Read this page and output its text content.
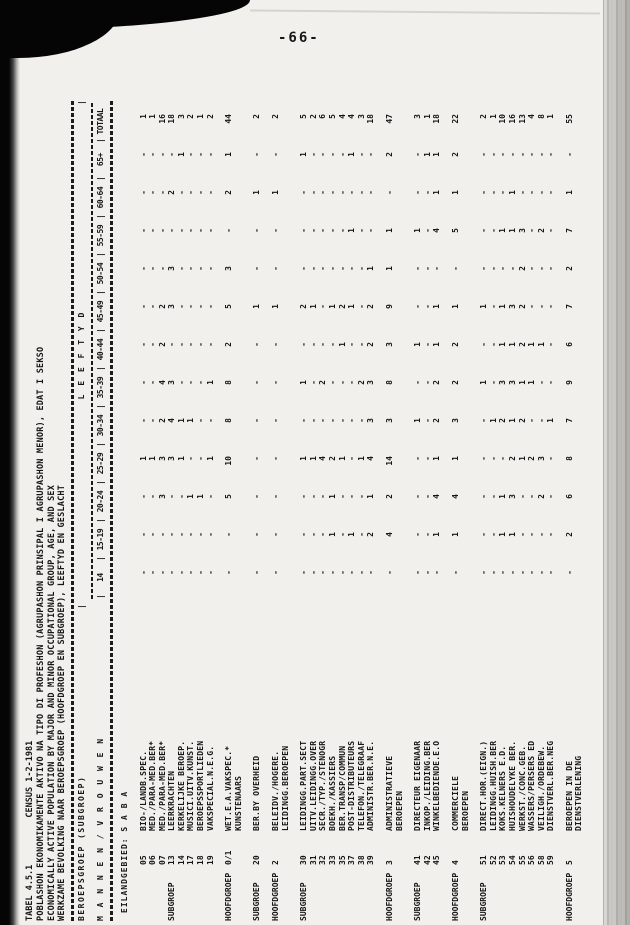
-66-
TABEL 4.5.1 CENSUS 1-2-1981 POBLASHON EKONOMIKAMENTE AKTIVO NA TIPO DI PROFESHON (AGRUPASHON PRINSIPAL I AGRUPASHON MENOR), EDAT I SEKSO ECONOMICALLY ACTIVE POPULATION BY MAJOR AND MINOR OCCUPATIONAL GROUP, AGE, AND SEX WERKZAME BEVOLKING NAAR BEROEPSGROEP (HOOFDGROEP EN SUBGROEP), LEEFTYD EN GESLACHT BEROEPSGROEP (SUBGROEP)
|
L E E F T Y D
|
M A N N E N / V R O U W E N
|
14
|
15-19
|
20-24
|
25-29
|
30-34
|
35-39
|
40-44
|
45-49
|
50-54
|
55-59
|
60-64
|
65+
|
TOTAAL
EILANDGEBIED: S A B A 05
BIO-/LANDB.SPEC.
-
-
-
1
-
-
-
-
-
-
-
-
1
06
MED./PARA-MED.BER*
-
-
-
1
-
-
-
-
-
-
-
-
1
07
MED./PARA-MED.BER*
-
-
3
3
2
4
2
2
-
-
-
-
16
SUBGROEP
13
LEERKRACHTEN
-
-
-
3
4
3
-
3
3
-
2
-
18
14
KERKELIJKE BEROEP.
-
-
-
1
1
-
-
-
-
-
-
1
3
17
MUSICI.UITV.KUNST.
-
-
1
-
1
-
-
-
-
-
-
-
2
18
BEROEPSSPORTLIEDEN
-
-
1
-
-
-
-
-
-
-
-
-
1
19
VAKSPECIAL.N.E.G.
-
-
-
1
-
1
-
-
-
-
-
-
2
HOOFDGROEP
0/1
WET.E.A.VAKSPEC.*
-
-
5
10
8
8
2
5
3
-
2
1
44
KUNSTENAARS
SUBGROEP
20
BER.BY OVERHEID
-
-
-
-
-
-
-
1
-
-
1
-
2
HOOFDGROEP
2
BELEIDV./HOGERE.
-
-
-
-
-
-
-
1
-
-
1
-
2
LEIDINGG.BEROEPEN
SUBGROEP
30
LEIDINGG.PART.SECT
-
-
-
1
-
1
-
2
-
-
-
1
5
31
UITV.LEIDINGG.OVER
-
-
-
1
-
-
-
1
-
-
-
-
2
32
SECR./TYP./STENOGR
-
-
-
4
-
2
-
-
-
-
-
-
6
33
BOEKH./KASSIERS
-
1
1
2
-
-
-
1
-
-
-
-
5
35
BER.TRANSP/COMMUN
-
-
-
1
-
-
1
2
-
-
-
-
4
37
POST-DISTRIBUTEURS
-
1
-
-
-
-
-
1
-
1
-
1
4
38
TELEFON./TELEGRAAF
-
-
-
1
-
2
-
-
-
-
-
-
3
39
ADMINISTR.BER.N.E.
-
2
1
4
3
3
2
2
1
-
-
-
18
HOOFDGROEP
3
ADMINISTRATIEVE
-
4
2
14
3
8
3
9
1
1
-
2
47
BEROEPEN
SUBGROEP
41
DIRECTEUR EIGENAAR
-
-
-
-
1
-
1
-
-
1
-
-
3
42
INKOP./LEIDING.BER
-
-
-
-
-
-
-
-
-
-
-
1
1
45
WINKELBEDIENDE.E.O
-
1
4
1
2
2
1
1
-
4
1
1
18
HOOFDGROEP
4
COMMERCIELE
-
1
4
1
3
2
2
1
-
5
1
2
22
BEROEPEN
SUBGROEP
51
DIRECT.HOR.(EIGN.)
-
-
-
-
-
1
-
1
-
-
-
-
2
52
LEIDINGG.HUISH.BER
-
-
-
-
1
-
-
-
-
-
-
-
1
53
KOKS.KELNERS E.D.
-
1
1
-
2
3
1
1
-
1
-
-
10
54
HUISHOUDELYKE BER.
-
1
3
2
1
3
1
3
-
1
1
-
16
55
WERKST./CONC.GEB.
-
-
-
1
2
1
2
2
2
3
-
-
13
56
WASSERS/PERSERS ED
-
-
-
2
-
1
1
-
-
-
-
-
4
58
VEILIGH./ORDEBEW.
-
-
2
3
-
-
1
-
-
2
-
-
8
59
DIENSTVERL.BER.NEG
-
-
-
-
1
-
-
-
-
-
-
-
1
HOOFDGROEP
5
BEROEPEN IN DE
-
2
6
8
7
9
6
7
2
7
1
-
55
DIENSTVERLENING
